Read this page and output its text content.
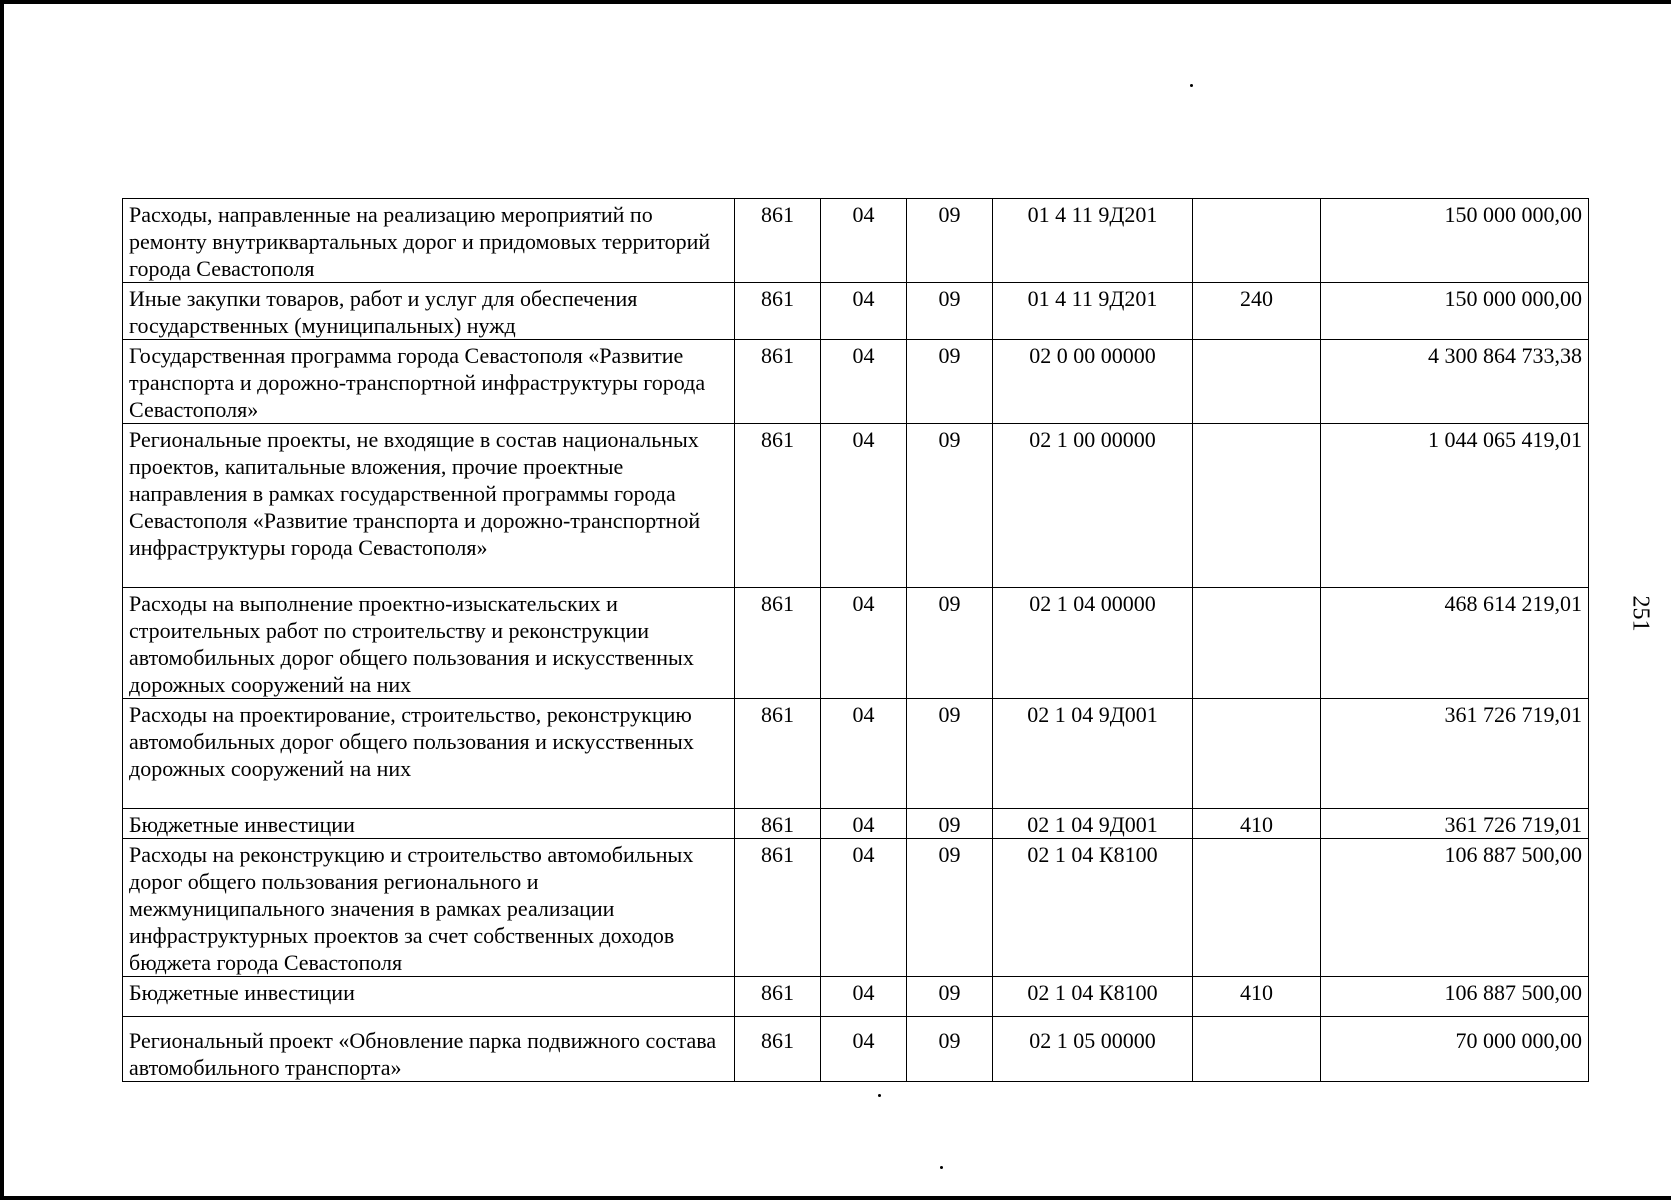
Расходы, направленные на реализацию мероприятий по ремонту внутриквартальных дорог и придомовых территорий города Севастополя	861	04	09	01 4 11 9Д201		150 000 000,00
Иные закупки товаров, работ и услуг для обеспечения государственных (муниципальных) нужд	861	04	09	01 4 11 9Д201	240	150 000 000,00
Государственная программа города Севастополя «Развитие транспорта и дорожно-транспортной инфраструктуры города Севастополя»	861	04	09	02 0 00 00000		4 300 864 733,38
Региональные проекты, не входящие в состав национальных проектов, капитальные вложения, прочие проектные направления в рамках государственной программы города Севастополя «Развитие транспорта и дорожно-транспортной инфраструктуры города Севастополя»	861	04	09	02 1 00 00000		1 044 065 419,01
Расходы на выполнение проектно-изыскательских и строительных работ по строительству и реконструкции автомобильных дорог общего пользования и искусственных дорожных сооружений на них	861	04	09	02 1 04 00000		468 614 219,01
Расходы на проектирование, строительство, реконструкцию автомобильных дорог общего пользования и искусственных дорожных сооружений на них	861	04	09	02 1 04 9Д001		361 726 719,01
Бюджетные инвестиции	861	04	09	02 1 04 9Д001	410	361 726 719,01
Расходы на реконструкцию и строительство автомобильных дорог общего пользования регионального и межмуниципального значения в рамках реализации инфраструктурных проектов за счет собственных доходов бюджета города Севастополя	861	04	09	02 1 04 К8100		106 887 500,00
Бюджетные инвестиции	861	04	09	02 1 04 К8100	410	106 887 500,00
Региональный проект «Обновление парка подвижного состава автомобильного транспорта»	861	04	09	02 1 05 00000		70 000 000,00
251
